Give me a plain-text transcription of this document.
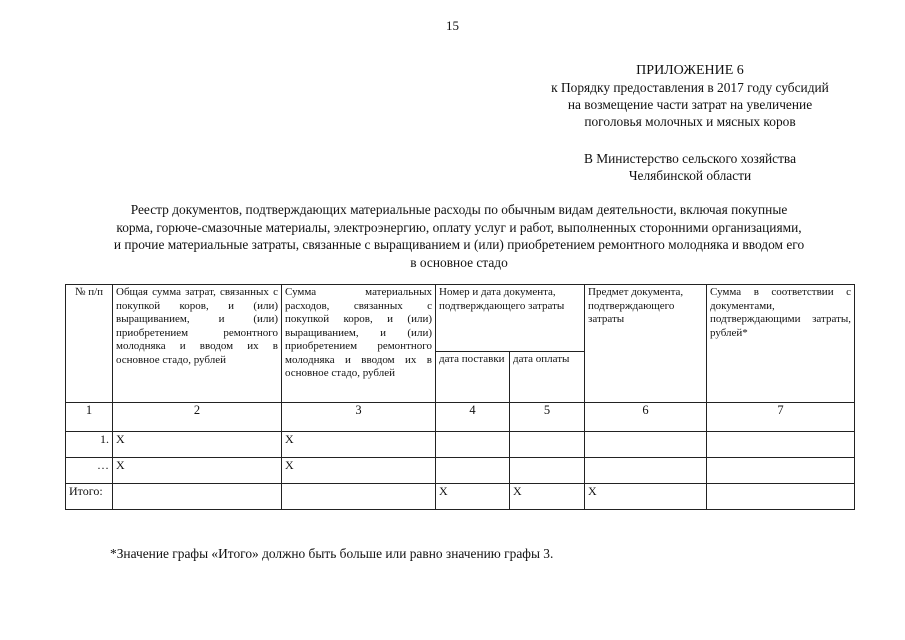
15
ПРИЛОЖЕНИЕ 6
к Порядку предоставления в 2017 году субсидий
на возмещение части затрат на увеличение
поголовья молочных и мясных коров
В Министерство сельского хозяйства
Челябинской области
Реестр документов, подтверждающих материальные расходы по обычным видам деятельности, включая покупные
корма, горюче-смазочные материалы, электроэнергию, оплату услуг и работ, выполненных сторонними организациями,
и прочие материальные затраты, связанные с выращиванием и (или) приобретением ремонтного молодняка и вводом его
в основное стадо
№ п/п	Общая сумма затрат, связанных с покупкой коров, и (или) выращиванием, и (или) приобретением ремонтного молодняка и вводом их в основное стадо, рублей	Сумма материальных расходов, связанных с покупкой коров, и (или) выращиванием, и (или) приобретением ремонтного молодняка и вводом их в основное стадо, рублей	Номер и дата документа, подтверждающего затраты		Предмет документа, подтверждающего затраты	Сумма в соответствии с документами, подтверждающими затраты, рублей*
			дата поставки	дата оплаты		
1	2	3	4	5	6	7
1.	Х	Х				
…	Х	Х				
Итого:			Х	Х	Х	
*Значение графы «Итого» должно быть больше или равно значению графы 3.
